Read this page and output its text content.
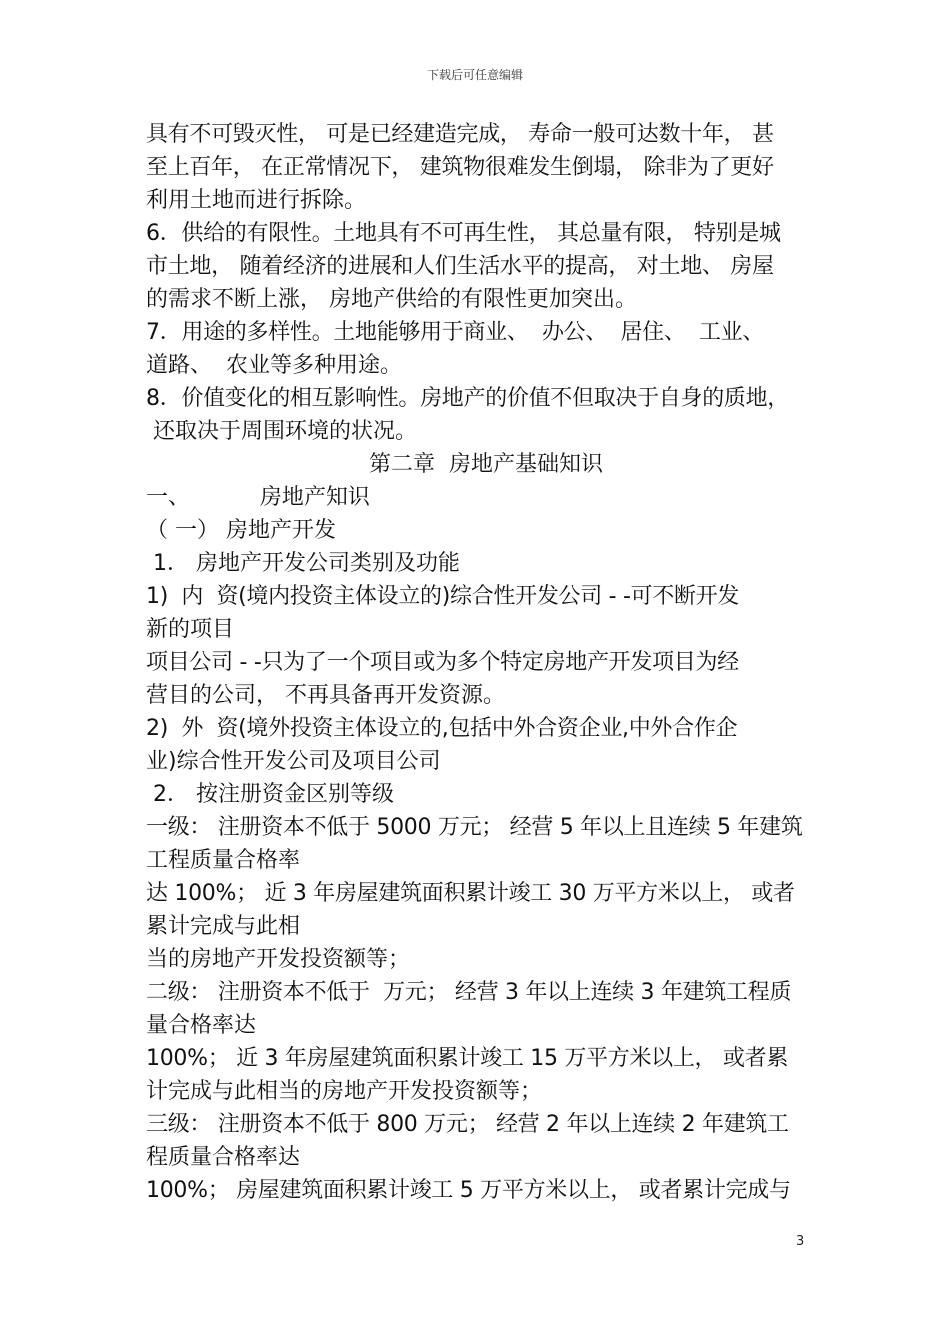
下载后可任意编辑
具有不可毁灭性， 可是已经建造完成， 寿命一般可达数十年， 甚
至上百年， 在正常情况下， 建筑物很难发生倒塌， 除非为了更好
利用土地而进行拆除。
6．供给的有限性。土地具有不可再生性， 其总量有限， 特别是城
市土地， 随着经济的进展和人们生活水平的提高， 对土地、 房屋
的需求不断上涨， 房地产供给的有限性更加突出。
7．用途的多样性。土地能够用于商业、  办公、  居住、  工业、
道路、  农业等多种用途。
8．价值变化的相互影响性。房地产的价值不但取决于自身的质地，
还取决于周围环境的状况。
第二章  房地产基础知识
一、          房地产知识
（ 一） 房地产开发
1． 房地产开发公司类别及功能
1)  内  资(境内投资主体设立的)综合性开发公司 - -可不断开发
新的项目
项目公司 - -只为了一个项目或为多个特定房地产开发项目为经
营目的公司， 不再具备再开发资源。
2)  外  资(境外投资主体设立的,包括中外合资企业,中外合作企
业)综合性开发公司及项目公司
2． 按注册资金区别等级
一级： 注册资本不低于 5000 万元； 经营 5 年以上且连续 5 年建筑
工程质量合格率
达 100%； 近 3 年房屋建筑面积累计竣工 30 万平方米以上， 或者
累计完成与此相
当的房地产开发投资额等；
二级： 注册资本不低于  万元； 经营 3 年以上连续 3 年建筑工程质
量合格率达
100%； 近 3 年房屋建筑面积累计竣工 15 万平方米以上， 或者累
计完成与此相当的房地产开发投资额等；
三级： 注册资本不低于 800 万元； 经营 2 年以上连续 2 年建筑工
程质量合格率达
100%； 房屋建筑面积累计竣工 5 万平方米以上， 或者累计完成与
3
